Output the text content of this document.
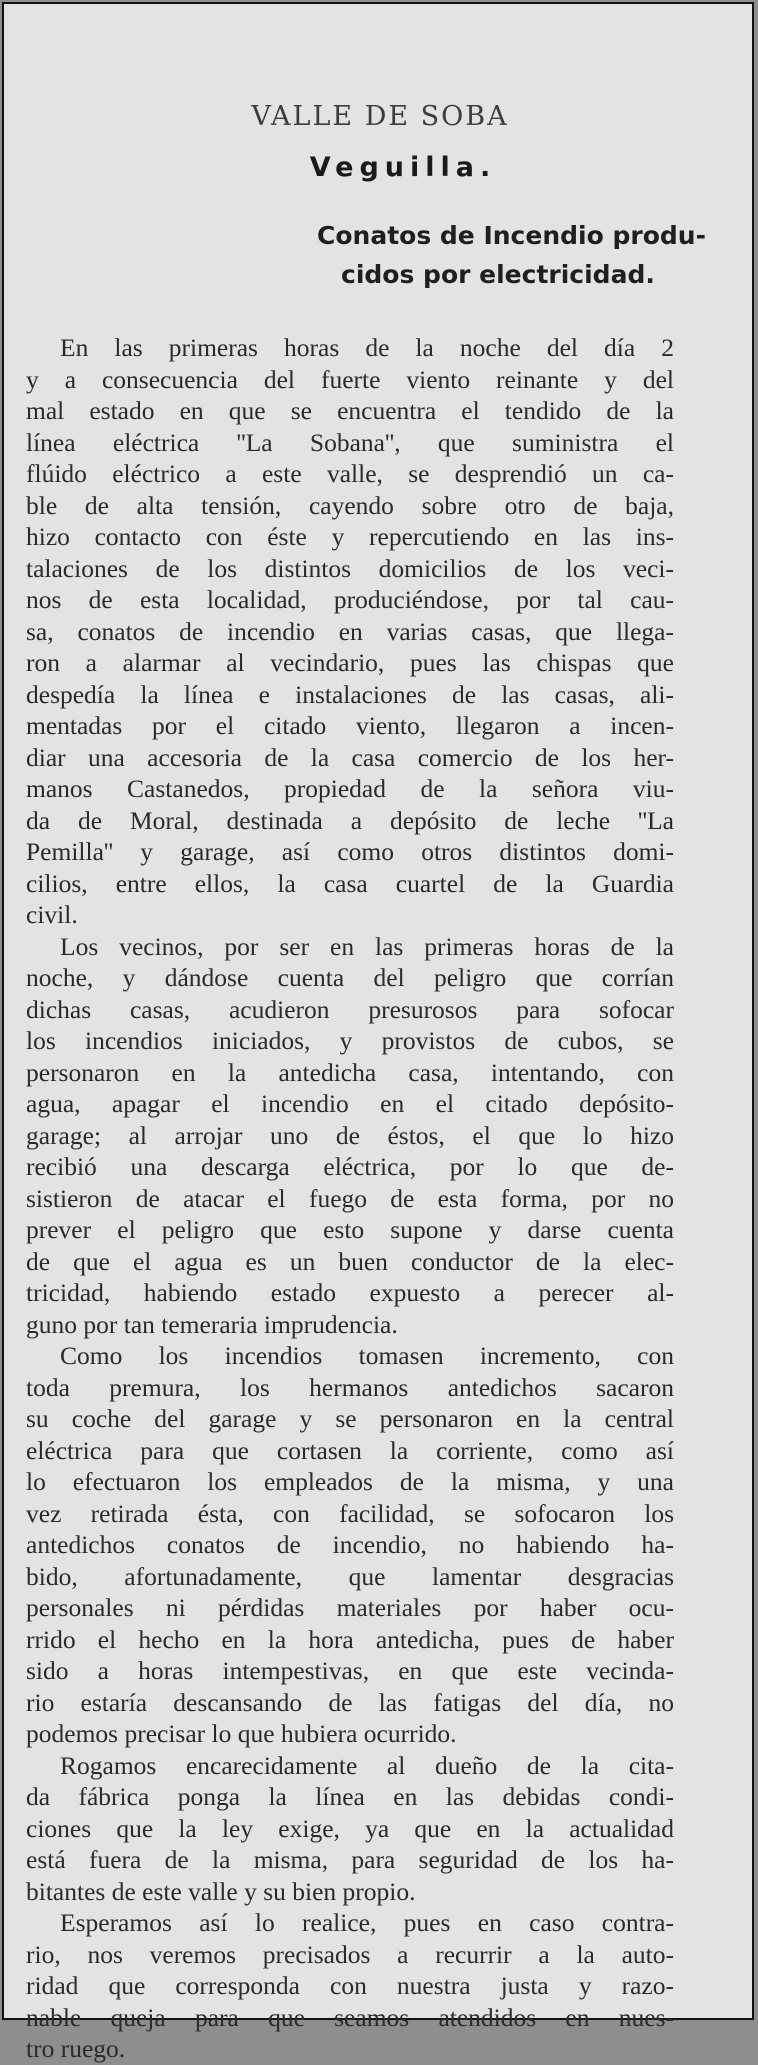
VALLE DE SOBA
Veguilla.
Conatos de Incendio produ-
cidos por electricidad.
En las primeras horas de la noche del día 2
y a consecuencia del fuerte viento reinante y del
mal estado en que se encuentra el tendido de la
línea eléctrica ''La Sobana'', que suministra el
flúido eléctrico a este valle, se desprendió un ca-
ble de alta tensión, cayendo sobre otro de baja,
hizo contacto con éste y repercutiendo en las ins-
talaciones de los distintos domicilios de los veci-
nos de esta localidad, produciéndose, por tal cau-
sa, conatos de incendio en varias casas, que llega-
ron a alarmar al vecindario, pues las chispas que
despedía la línea e instalaciones de las casas, ali-
mentadas por el citado viento, llegaron a incen-
diar una accesoria de la casa comercio de los her-
manos Castanedos, propiedad de la señora viu-
da de Moral, destinada a depósito de leche ''La
Pemilla'' y garage, así como otros distintos domi-
cilios, entre ellos, la casa cuartel de la Guardia
civil.
Los vecinos, por ser en las primeras horas de la
noche, y dándose cuenta del peligro que corrían
dichas casas, acudieron presurosos para sofocar
los incendios iniciados, y provistos de cubos, se
personaron en la antedicha casa, intentando, con
agua, apagar el incendio en el citado depósito-
garage; al arrojar uno de éstos, el que lo hizo
recibió una descarga eléctrica, por lo que de-
sistieron de atacar el fuego de esta forma, por no
prever el peligro que esto supone y darse cuenta
de que el agua es un buen conductor de la elec-
tricidad, habiendo estado expuesto a perecer al-
guno por tan temeraria imprudencia.
Como los incendios tomasen incremento, con
toda premura, los hermanos antedichos sacaron
su coche del garage y se personaron en la central
eléctrica para que cortasen la corriente, como así
lo efectuaron los empleados de la misma, y una
vez retirada ésta, con facilidad, se sofocaron los
antedichos conatos de incendio, no habiendo ha-
bido, afortunadamente, que lamentar desgracias
personales ni pérdidas materiales por haber ocu-
rrido el hecho en la hora antedicha, pues de haber
sido a horas intempestivas, en que este vecinda-
rio estaría descansando de las fatigas del día, no
podemos precisar lo que hubiera ocurrido.
Rogamos encarecidamente al dueño de la cita-
da fábrica ponga la línea en las debidas condi-
ciones que la ley exige, ya que en la actualidad
está fuera de la misma, para seguridad de los ha-
bitantes de este valle y su bien propio.
Esperamos así lo realice, pues en caso contra-
rio, nos veremos precisados a recurrir a la auto-
ridad que corresponda con nuestra justa y razo-
nable queja para que seamos atendidos en nues-
tro ruego.
